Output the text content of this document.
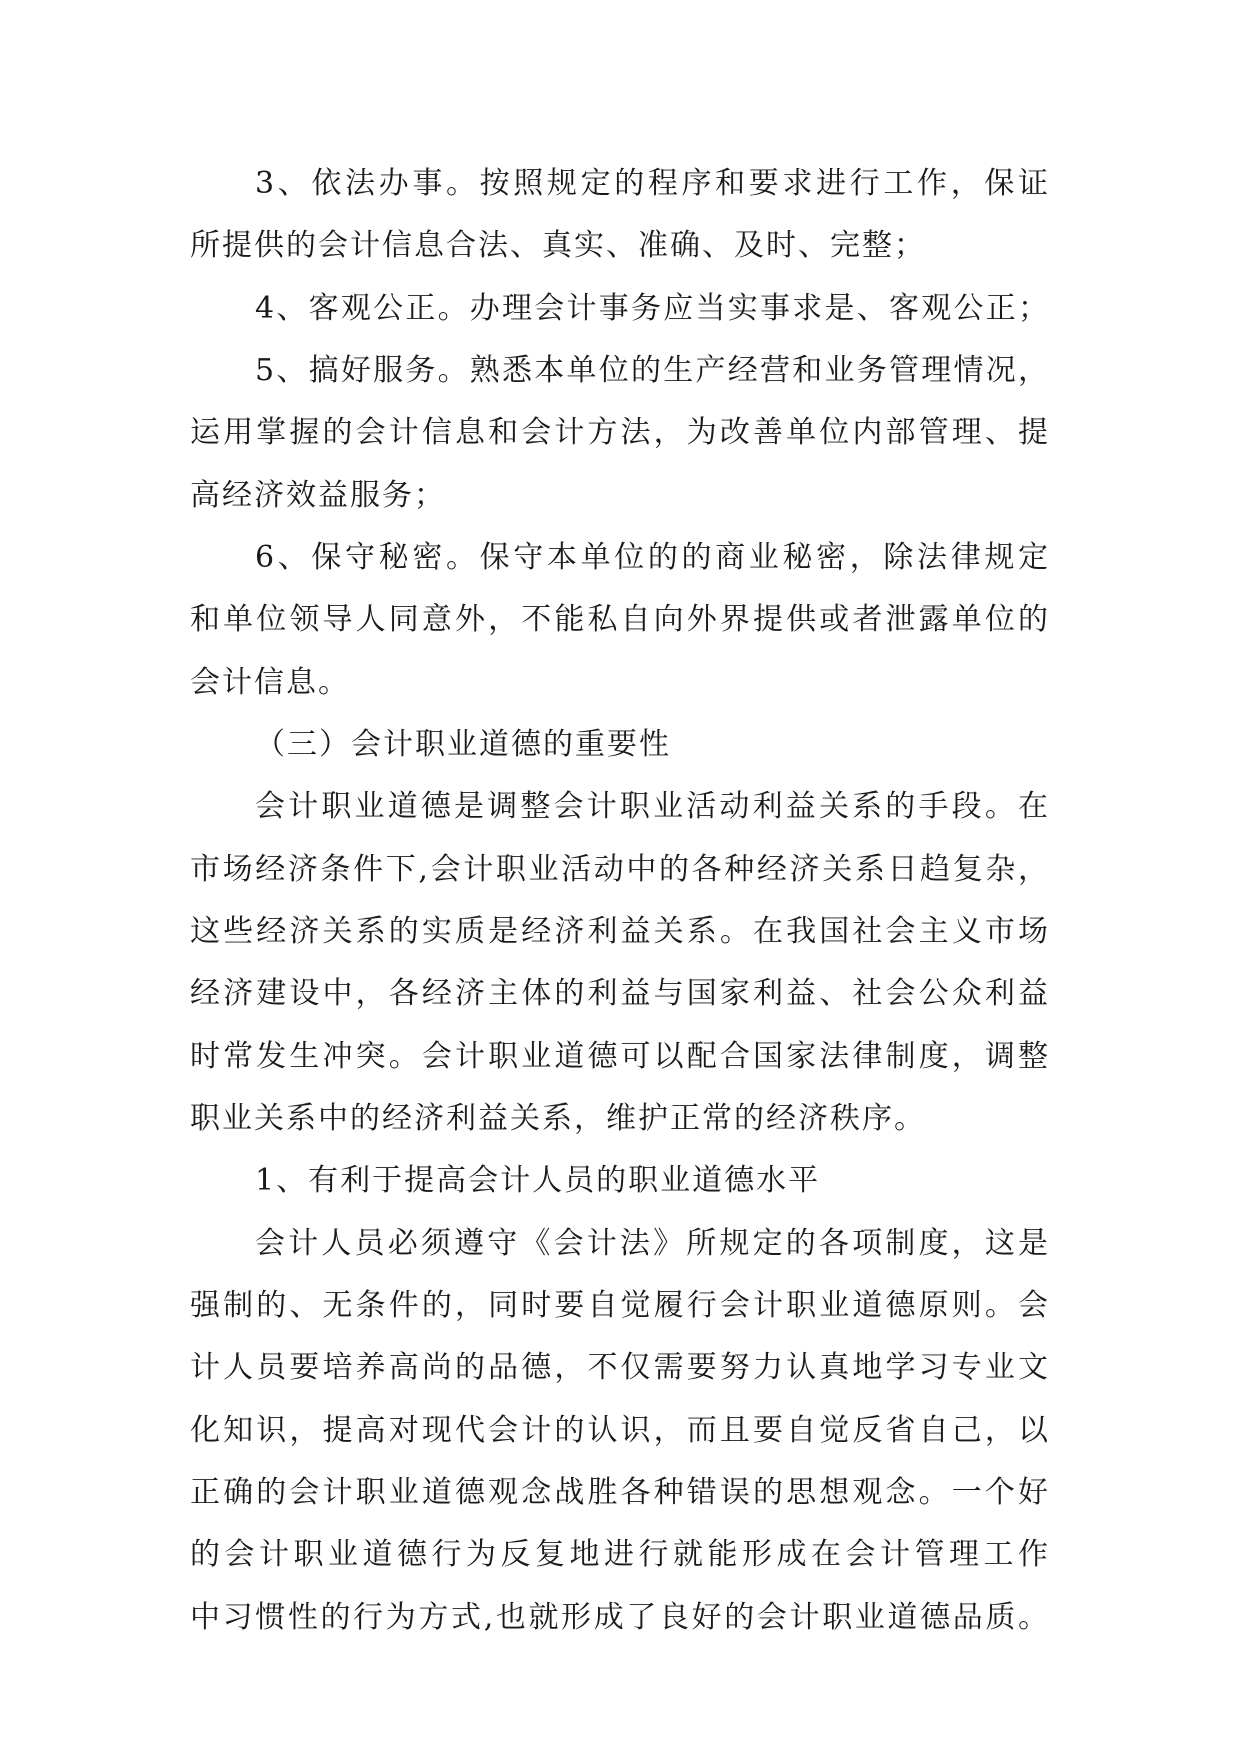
3、依法办事。按照规定的程序和要求进行工作，保证
所提供的会计信息合法、真实、准确、及时、完整；
4、客观公正。办理会计事务应当实事求是、客观公正；
5、搞好服务。熟悉本单位的生产经营和业务管理情况，
运用掌握的会计信息和会计方法，为改善单位内部管理、提
高经济效益服务；
6、保守秘密。保守本单位的的商业秘密，除法律规定
和单位领导人同意外，不能私自向外界提供或者泄露单位的
会计信息。
（三）会计职业道德的重要性
会计职业道德是调整会计职业活动利益关系的手段。在
市场经济条件下,会计职业活动中的各种经济关系日趋复杂，
这些经济关系的实质是经济利益关系。在我国社会主义市场
经济建设中，各经济主体的利益与国家利益、社会公众利益
时常发生冲突。会计职业道德可以配合国家法律制度，调整
职业关系中的经济利益关系，维护正常的经济秩序。
1、有利于提高会计人员的职业道德水平
会计人员必须遵守《会计法》所规定的各项制度，这是
强制的、无条件的，同时要自觉履行会计职业道德原则。会
计人员要培养高尚的品德，不仅需要努力认真地学习专业文
化知识，提高对现代会计的认识，而且要自觉反省自己，以
正确的会计职业道德观念战胜各种错误的思想观念。一个好
的会计职业道德行为反复地进行就能形成在会计管理工作
中习惯性的行为方式,也就形成了良好的会计职业道德品质。
